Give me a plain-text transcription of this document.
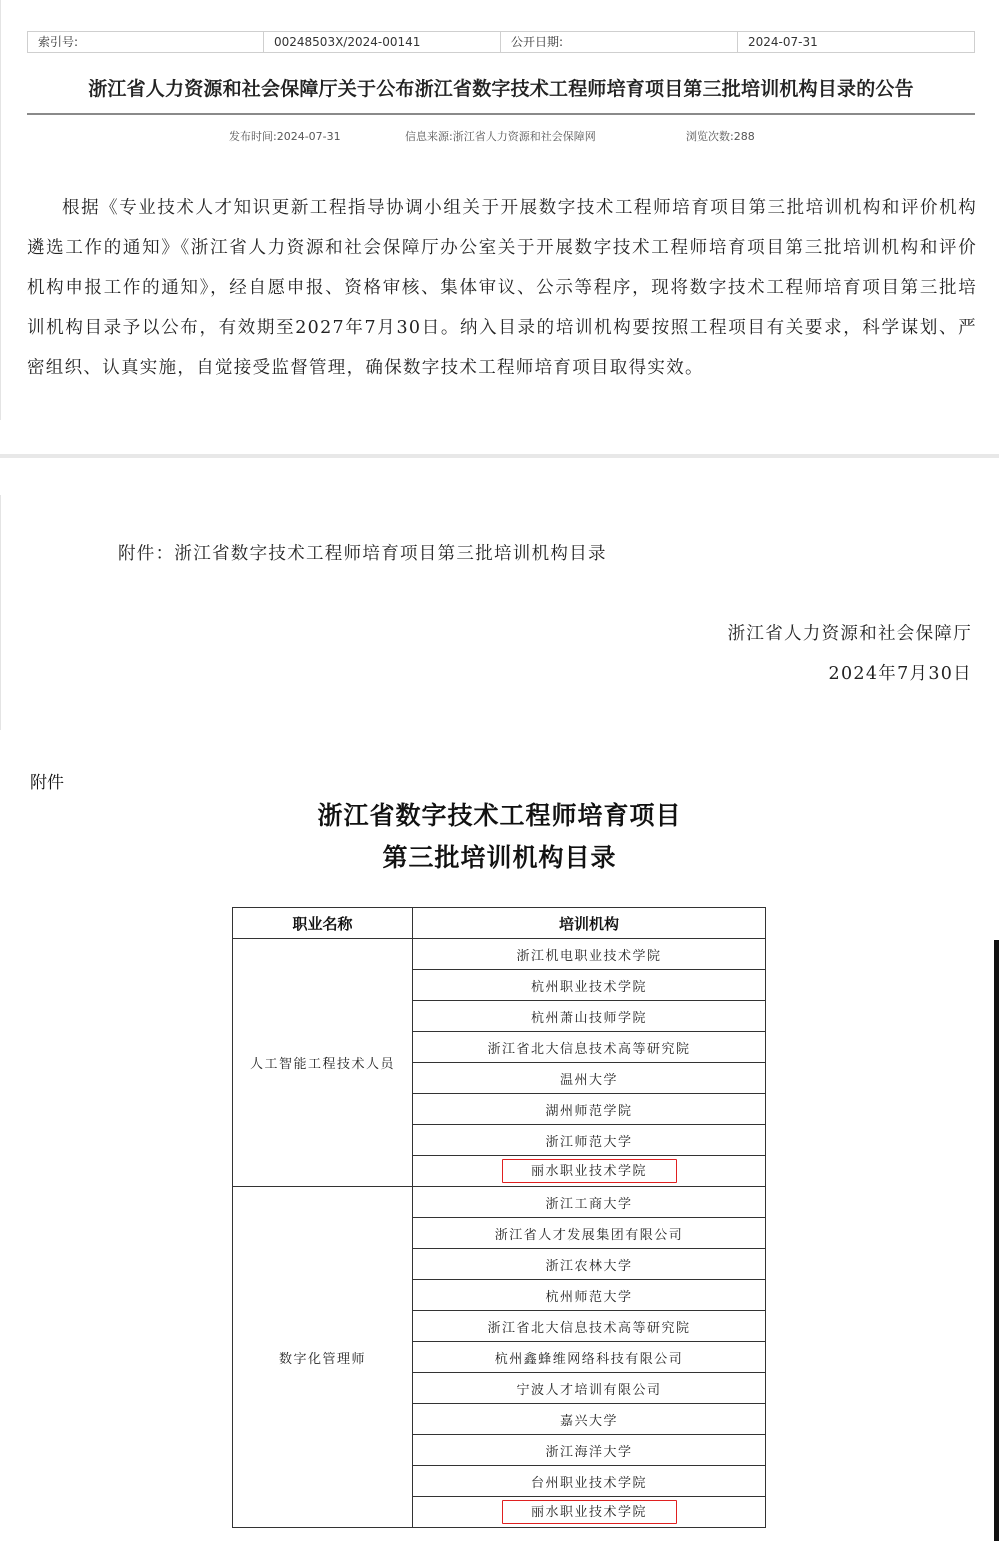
索引号:	00248503X/2024-00141	公开日期:	2024-07-31
浙江省人力资源和社会保障厅关于公布浙江省数字技术工程师培育项目第三批培训机构目录的公告
发布时间:2024-07-31	信息来源:浙江省人力资源和社会保障网	浏览次数:288

根据《专业技术人才知识更新工程指导协调小组关于开展数字技术工程师培育项目第三批培训机构和评价机构遴选工作的通知》《浙江省人力资源和社会保障厅办公室关于开展数字技术工程师培育项目第三批培训机构和评价机构申报工作的通知》，经自愿申报、资格审核、集体审议、公示等程序，现将数字技术工程师培育项目第三批培训机构目录予以公布，有效期至2027年7月30日。纳入目录的培训机构要按照工程项目有关要求，科学谋划、严密组织、认真实施，自觉接受监督管理，确保数字技术工程师培育项目取得实效。

附件：浙江省数字技术工程师培育项目第三批培训机构目录
浙江省人力资源和社会保障厅
2024年7月30日
附件
浙江省数字技术工程师培育项目
第三批培训机构目录
职业名称	培训机构
人工智能工程技术人员	浙江机电职业技术学院
	杭州职业技术学院
	杭州萧山技师学院
	浙江省北大信息技术高等研究院
	温州大学
	湖州师范学院
	浙江师范大学
	丽水职业技术学院
数字化管理师	浙江工商大学
	浙江省人才发展集团有限公司
	浙江农林大学
	杭州师范大学
	浙江省北大信息技术高等研究院
	杭州鑫蜂维网络科技有限公司
	宁波人才培训有限公司
	嘉兴大学
	浙江海洋大学
	台州职业技术学院
	丽水职业技术学院
